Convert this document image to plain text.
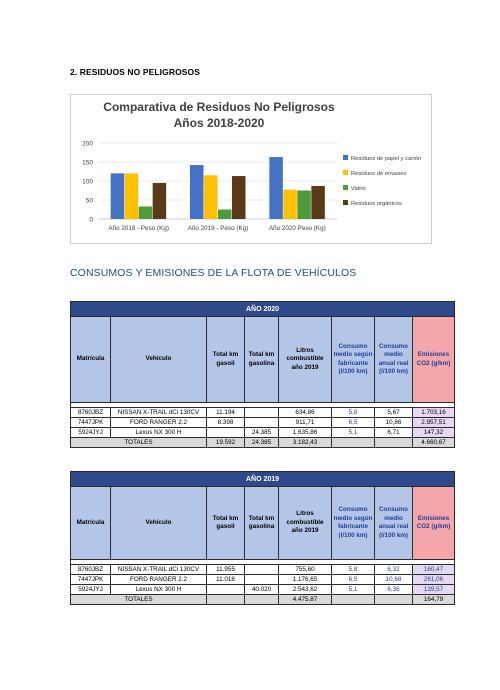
2. RESIDUOS NO PELIGROSOS
Comparativa de Residuos No Peligrosos
Años 2018-2020
0
50
100
150
200
Año 2018 - Peso (Kg)	Año 2019 - Peso (Kg)	Año 2020 Peso (Kg)
Residuos de papel y cartón
Residuos de envases
Vidrio
Residuos orgánicos
CONSUMOS Y EMISIONES DE LA FLOTA DE VEHÍCULOS
AÑO 2020							
Matrícula	Vehículo	Total km gasoil	Total km gasolina	Litros combustible año 2019	Consumo medio según fabricante (l/100 km)	Consumo medio anual real (l/100 km)	Emisiones CO2 (g/km)

8760JBZ	NISSAN X-TRAIL dCi 130CV	11.194		634,86	5,8	5,67	1.703,16
7447JPK	FORD RANGER 2.2	8.398		911,71	6,5	10,86	2.957,51
5924JYJ	Lexus NX 300 H		24.385	1.635,86	5,1	6,71	147,32
TOTALES		19.592	24.385	3.182,43			4.660,67
AÑO 2019							
Matrícula	Vehículo	Total km gasoil	Total km gasolina	Litros combustible año 2019	Consumo medio según fabricante (l/100 km)	Consumo medio anual real (l/100 km)	Emisiones CO2 (g/km)

8760JBZ	NISSAN X-TRAIL dCi 130CV	11.955		755,60	5,8	6,32	160,47
7447JPK	FORD RANGER 2.2	11.018		1.176,65	6,5	10,68	261,06
5924JYJ	Lexus NX 300 H		40.020	2.543,62	5,1	6,36	139,57
TOTALES				4.475,87			164,79
